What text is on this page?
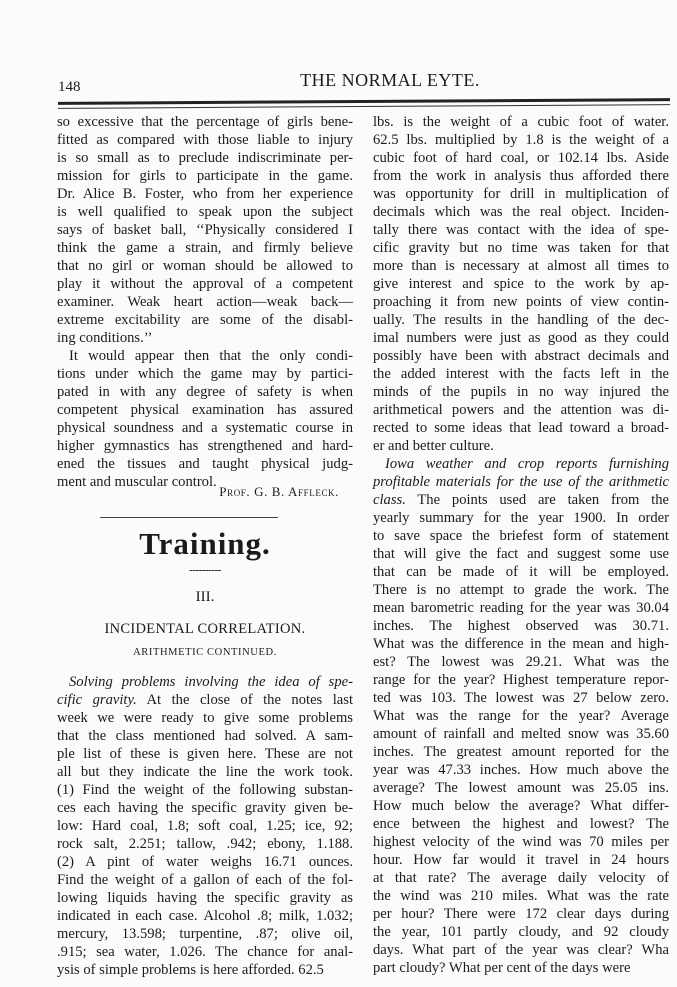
148	THE NORMAL EYTE.
so excessive that the percentage of girls bene-
fitted as compared with those liable to injury
is so small as to preclude indiscriminate per-
mission for girls to participate in the game.
Dr. Alice B. Foster, who from her experience
is well qualified to speak upon the subject
says of basket ball, ‘‘Physically considered I
think the game a strain, and firmly believe
that no girl or woman should be allowed to
play it without the approval of a competent
examiner. Weak heart action—weak back—
extreme excitability are some of the disabl-
ing conditions.’’
It would appear then that the only condi-
tions under which the game may by partici-
pated in with any degree of safety is when
competent physical examination has assured
physical soundness and a systematic course in
higher gymnastics has strengthened and hard-
ened the tissues and taught physical judg-
ment and muscular control.
Prof. G. B. Affleck.
Training.
----------
III.
INCIDENTAL CORRELATION.
ARITHMETIC CONTINUED.
Solving problems involving the idea of spe-
cific gravity. At the close of the notes last
week we were ready to give some problems
that the class mentioned had solved. A sam-
ple list of these is given here. These are not
all but they indicate the line the work took.
(1) Find the weight of the following substan-
ces each having the specific gravity given be-
low: Hard coal, 1.8; soft coal, 1.25; ice, 92;
rock salt, 2.251; tallow, .942; ebony, 1.188.
(2) A pint of water weighs 16.71 ounces.
Find the weight of a gallon of each of the fol-
lowing liquids having the specific gravity as
indicated in each case. Alcohol .8; milk, 1.032;
mercury, 13.598; turpentine, .87; olive oil,
.915; sea water, 1.026. The chance for anal-
ysis of simple problems is here afforded. 62.5
lbs. is the weight of a cubic foot of water.
62.5 lbs. multiplied by 1.8 is the weight of a
cubic foot of hard coal, or 102.14 lbs. Aside
from the work in analysis thus afforded there
was opportunity for drill in multiplication of
decimals which was the real object. Inciden-
tally there was contact with the idea of spe-
cific gravity but no time was taken for that
more than is necessary at almost all times to
give interest and spice to the work by ap-
proaching it from new points of view contin-
ually. The results in the handling of the dec-
imal numbers were just as good as they could
possibly have been with abstract decimals and
the added interest with the facts left in the
minds of the pupils in no way injured the
arithmetical powers and the attention was di-
rected to some ideas that lead toward a broad-
er and better culture.
Iowa weather and crop reports furnishing
profitable materials for the use of the arithmetic
class. The points used are taken from the
yearly summary for the year 1900. In order
to save space the briefest form of statement
that will give the fact and suggest some use
that can be made of it will be employed.
There is no attempt to grade the work. The
mean barometric reading for the year was 30.04
inches. The highest observed was 30.71.
What was the difference in the mean and high-
est? The lowest was 29.21. What was the
range for the year? Highest temperature repor-
ted was 103. The lowest was 27 below zero.
What was the range for the year? Average
amount of rainfall and melted snow was 35.60
inches. The greatest amount reported for the
year was 47.33 inches. How much above the
average? The lowest amount was 25.05 ins.
How much below the average? What differ-
ence between the highest and lowest? The
highest velocity of the wind was 70 miles per
hour. How far would it travel in 24 hours
at that rate? The average daily velocity of
the wind was 210 miles. What was the rate
per hour? There were 172 clear days during
the year, 101 partly cloudy, and 92 cloudy
days. What part of the year was clear? Wha
part cloudy? What per cent of the days were
